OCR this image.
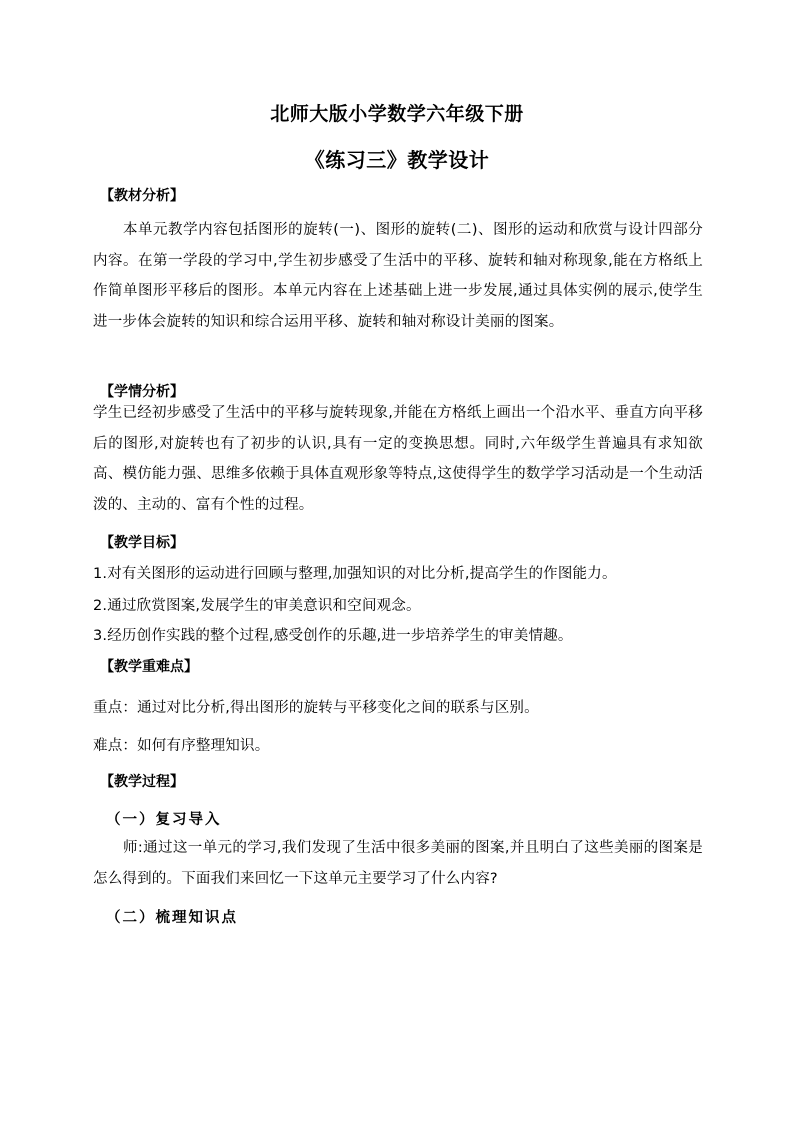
北师大版小学数学六年级下册
《练习三》教学设计
【教材分析】
本单元教学内容包括图形的旋转(一)、图形的旋转(二)、图形的运动和欣赏与设计四部分内容。在第一学段的学习中,学生初步感受了生活中的平移、旋转和轴对称现象,能在方格纸上作简单图形平移后的图形。本单元内容在上述基础上进一步发展,通过具体实例的展示,使学生进一步体会旋转的知识和综合运用平移、旋转和轴对称设计美丽的图案。
【学情分析】
学生已经初步感受了生活中的平移与旋转现象,并能在方格纸上画出一个沿水平、垂直方向平移后的图形,对旋转也有了初步的认识,具有一定的变换思想。同时,六年级学生普遍具有求知欲高、模仿能力强、思维多依赖于具体直观形象等特点,这使得学生的数学学习活动是一个生动活泼的、主动的、富有个性的过程。
【教学目标】
1.对有关图形的运动进行回顾与整理,加强知识的对比分析,提高学生的作图能力。
2.通过欣赏图案,发展学生的审美意识和空间观念。
3.经历创作实践的整个过程,感受创作的乐趣,进一步培养学生的审美情趣。
【教学重难点】
重点：通过对比分析,得出图形的旋转与平移变化之间的联系与区别。
难点：如何有序整理知识。
【教学过程】
（一）复习导入
师:通过这一单元的学习,我们发现了生活中很多美丽的图案,并且明白了这些美丽的图案是怎么得到的。下面我们来回忆一下这单元主要学习了什么内容?
（二）梳理知识点
